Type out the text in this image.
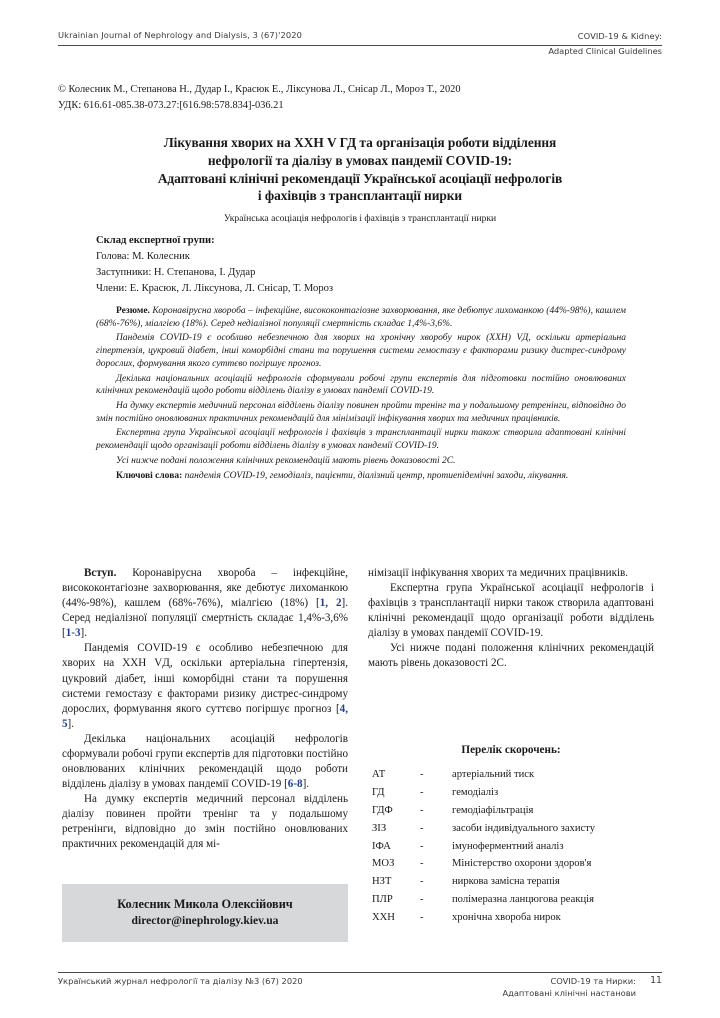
Ukrainian Journal of Nephrology and Dialysis, 3 (67)'2020	COVID-19 & Kidney:
Adapted Clinical Guidelines
© Колесник М., Степанова Н., Дудар І., Красюк Е., Ліксунова Л., Снісар Л., Мороз Т., 2020
УДК: 616.61-085.38-073.27:[616.98:578.834]-036.21
Лікування хворих на ХХН V ГД та організація роботи відділення
нефрології та діалізу в умовах пандемії COVID-19:
Адаптовані клінічні рекомендації Української асоціації нефрологів
і фахівців з трансплантації нирки
Українська асоціація нефрологів і фахівців з трансплантації нирки
Склад експертної групи:
Голова: М. Колесник
Заступники: Н. Степанова, І. Дудар
Члени: Е. Красюк, Л. Ліксунова, Л. Снісар, Т. Мороз

Резюме. Коронавірусна хвороба – інфекційне, висококонтагіозне захворювання, яке дебютує лихоманкою (44%-98%), кашлем (68%-76%), міалгією (18%). Серед недіалізної популяції смертність складає 1,4%-3,6%.

Пандемія COVID-19 є особливо небезпечною для хворих на хронічну хворобу нирок (ХХН) VД, оскільки артеріальна гіпертензія, цукровий діабет, інші коморбідні стани та порушення системи гемостазу є факторами ризику дистрес-синдрому дорослих, формування якого суттєво погіршує прогноз.

Декілька національних асоціацій нефрологів сформували робочі групи експертів для підготовки постійно оновлюваних клінічних рекомендацій щодо роботи відділень діалізу в умовах пандемії COVID-19.

На думку експертів медичний персонал відділень діалізу повинен пройти тренінг та у подальшому ретренінги, відповідно до змін постійно оновлюваних практичних рекомендацій для мінімізації інфікування хворих та медичних працівників.

Експертна група Української асоціації нефрологів і фахівців з трансплантації нирки також створила адаптовані клінічні рекомендації щодо організації роботи відділень діалізу в умовах пандемії COVID-19.

Усі нижче подані положення клінічних рекомендацій мають рівень доказовості 2С.

Ключові слова: пандемія COVID-19, гемодіаліз, пацієнти, діалізний центр, протиепідемічні заходи, лікування.

Вступ. Коронавірусна хвороба – інфекційне, висококонтагіозне захворювання, яке дебютує лихоманкою (44%-98%), кашлем (68%-76%), міалгією (18%) [1, 2]. Серед недіалізної популяції смертність складає 1,4%-3,6% [1-3].

Пандемія COVID-19 є особливо небезпечною для хворих на ХХН VД, оскільки артеріальна гіпертензія, цукровий діабет, інші коморбідні стани та порушення системи гемостазу є факторами ризику дистрес-синдрому дорослих, формування якого суттєво погіршує прогноз [4, 5].

Декілька національних асоціацій нефрологів сформували робочі групи експертів для підготовки постійно оновлюваних клінічних рекомендацій щодо роботи відділень діалізу в умовах пандемії COVID-19 [6-8].

На думку експертів медичний персонал відділень діалізу повинен пройти тренінг та у подальшому ретренінги, відповідно до змін постійно оновлюваних практичних рекомендацій для мі-

німізації інфікування хворих та медичних працівників.

Експертна група Української асоціації нефрологів і фахівців з трансплантації нирки також створила адаптовані клінічні рекомендації щодо організації роботи відділень діалізу в умовах пандемії COVID-19.

Усі нижче подані положення клінічних рекомендацій мають рівень доказовості 2С.

Колесник Микола Олексійович
director@inephrology.kiev.ua
Перелік скорочень:
АТ	-	артеріальний тиск
ГД	-	гемодіаліз
ГДФ	-	гемодіафільтрація
ЗІЗ	-	засоби індивідуального захисту
ІФА	-	імуноферментний аналіз
МОЗ	-	Міністерство охорони здоров'я
НЗТ	-	ниркова замісна терапія
ПЛР	-	полімеразна ланцюгова реакція
ХХН	-	хронічна хвороба нирок
Український журнал нефрології та діалізу №3 (67) 2020	COVID-19 та Нирки:
Адаптовані клінічні настанови
11
